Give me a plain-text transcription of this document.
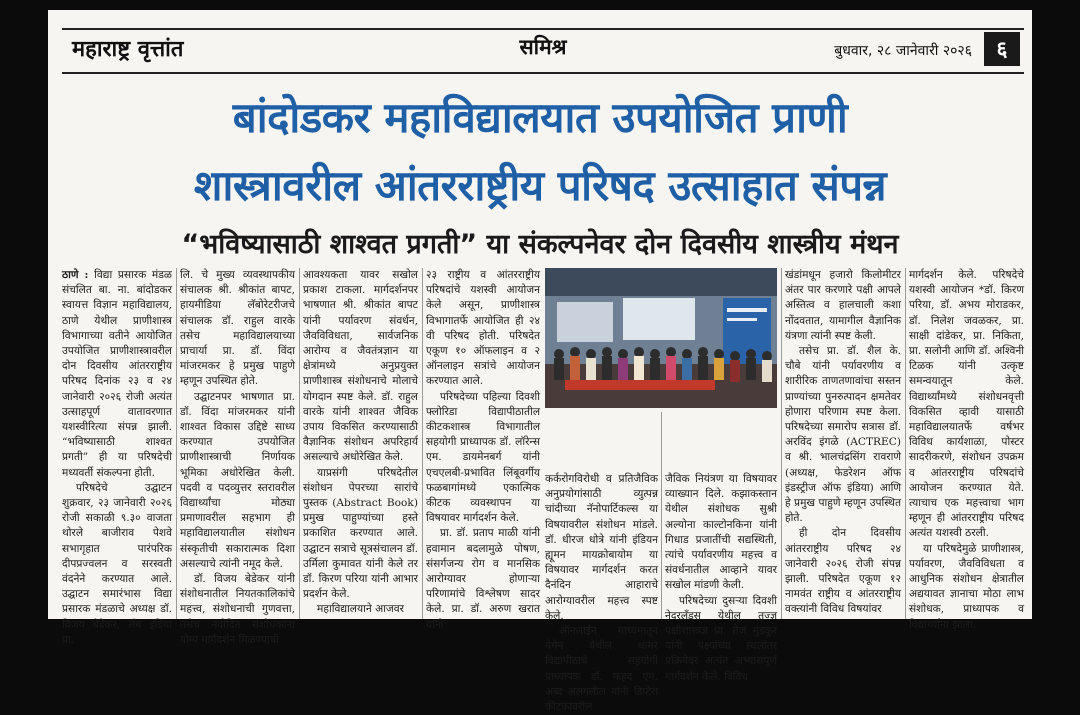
महाराष्ट्र वृत्तांत	समिश्र	बुधवार, २८ जानेवारी २०२६	६
बांदोडकर महाविद्यालयात उपयोजित प्राणी
शास्त्रावरील आंतरराष्ट्रीय परिषद उत्साहात संपन्न
“भविष्यासाठी शाश्वत प्रगती” या संकल्पनेवर दोन दिवसीय शास्त्रीय मंथन

ठाणे : विद्या प्रसारक मंडळ संचलित बा. ना. बांदोडकर स्वायत्त विज्ञान महाविद्यालय, ठाणे येथील प्राणीशास्त्र विभागाच्या वतीने आयोजित उपयोजित प्राणीशास्त्रावरील दोन दिवसीय आंतरराष्ट्रीय परिषद दिनांक २३ व २४ जानेवारी २०२६ रोजी अत्यंत उत्साहपूर्ण वातावरणात यशस्वीरित्या संपन्न झाली. “भविष्यासाठी शाश्वत प्रगती” ही या परिषदेची मध्यवर्ती संकल्पना होती.

परिषदेचे उद्घाटन शुक्रवार, २३ जानेवारी २०२६ रोजी सकाळी ९.३० वाजता थोरले बाजीराव पेशवे सभागृहात पारंपरिक दीपप्रज्वलन व सरस्वती वंदनेने करण्यात आले. उद्घाटन समारंभास विद्या प्रसारक मंडळाचे अध्यक्ष डॉ. विजय बेडेकर, लँब इंडिया प्रा.

लि. चे मुख्य व्यवस्थापकीय संचालक श्री. श्रीकांत बापट, हायमीडिया लॅबोरेटरीजचे संचालक डॉ. राहुल वारके तसेच महाविद्यालयाच्या प्राचार्या प्रा. डॉ. विंदा मांजरमकर हे प्रमुख पाहुणे म्हणून उपस्थित होते.

उद्घाटनपर भाषणात प्रा. डॉ. विंदा मांजरमकर यांनी शाश्वत विकास उद्दिष्टे साध्य करण्यात उपयोजित प्राणीशास्त्राची निर्णायक भूमिका अधोरेखित केली. पदवी व पदव्युत्तर स्तरावरील विद्यार्थ्यांचा मोठ्या प्रमाणावरील सहभाग ही महाविद्यालयातील संशोधन संस्कृतीची सकारात्मक दिशा असल्याचे त्यांनी नमूद केले.

डॉ. विजय बेडेकर यांनी संशोधनातील नियतकालिकांचे महत्त्व, संशोधनाची गुणवत्ता, तसेच नवोदित संशोधकांना योग्य मार्गदर्शन मिळण्याची

आवश्यकता यावर सखोल प्रकाश टाकला. मार्गदर्शनपर भाषणात श्री. श्रीकांत बापट यांनी पर्यावरण संवर्धन, जैवविविधता, सार्वजनिक आरोग्य व जैवतंत्रज्ञान या क्षेत्रांमध्ये अनुप्रयुक्त प्राणीशास्त्र संशोधनाचे मोलाचे योगदान स्पष्ट केले. डॉ. राहुल वारके यांनी शाश्वत जैविक उपाय विकसित करण्यासाठी वैज्ञानिक संशोधन अपरिहार्य असल्याचे अधोरेखित केले.

याप्रसंगी परिषदेतील संशोधन पेपरच्या सारांचे पुस्तक (Abstract Book) प्रमुख पाहुण्यांच्या हस्ते प्रकाशित करण्यात आले. उद्घाटन सत्राचे सूत्रसंचालन डॉ. उर्मिला कुमावत यांनी केले तर डॉ. किरण परिया यांनी आभार प्रदर्शन केले.

महाविद्यालयाने आजवर

२३ राष्ट्रीय व आंतरराष्ट्रीय परिषदांचे यशस्वी आयोजन केले असून, प्राणीशास्त्र विभागातर्फे आयोजित ही २४ वी परिषद होती. परिषदेत एकूण १० ऑफलाइन व २ ऑनलाइन सत्रांचे आयोजन करण्यात आले.

परिषदेच्या पहिल्या दिवशी फ्लोरिडा विद्यापीठातील कीटकशास्त्र विभागातील सहयोगी प्राध्यापक डॉ. लॉरेन्स एम. डायमेनबर्ग यांनी एचएलबी-प्रभावित लिंबूवर्गीय फळबागांमध्ये एकात्मिक कीटक व्यवस्थापन या विषयावर मार्गदर्शन केले.

प्रा. डॉ. प्रताप माळी यांनी हवामान बदलामुळे पोषण, संसर्गजन्य रोग व मानसिक आरोग्यावर होणाऱ्या परिणामांचे विश्लेषण सादर केले. प्रा. डॉ. अरुण खरात यांनी

कर्करोगविरोधी व प्रतिजैविक अनुप्रयोगांसाठी व्युत्पन्न चांदीच्या नॅनोपार्टिकल्स या विषयावरील संशोधन मांडले. डॉ. धीरज धोत्रे यांनी इंडियन ह्यूमन मायक्रोबायोम या विषयावर मार्गदर्शन करत दैनंदिन आहाराचे आरोग्यावरील महत्त्व स्पष्ट केले.

ऑनलाईन माध्यमातून येमेन येथील थामर विद्यापीठाचे सहयोगी प्राध्यापक डॉ. फहद एम. अब्द अलगलील यांनी डिप्टेरा कीटकांवरील

जैविक नियंत्रण या विषयावर व्याख्यान दिले. कझाकस्तान येथील संशोधक सुश्री अल्योना काल्टोनकिना यांनी गिधाड प्रजातींची सद्यस्थिती, त्यांचे पर्यावरणीय महत्त्व व संवर्धनातील आव्हाने यावर सखोल मांडणी केली.

परिषदेच्या दुसऱ्या दिवशी नेदरलँड्स येथील तज्ज्ञ पक्षीशास्त्रज्ञ प्रा. तेज मुंडकुर यांनी पक्ष्यांच्या स्थलांतर प्रक्रियेवर अत्यंत अभ्यासपूर्ण मार्गदर्शन केले. विविध

खंडांमधून हजारो किलोमीटर अंतर पार करणारे पक्षी आपले अस्तित्व व हालचाली कशा नोंदवतात, यामागील वैज्ञानिक यंत्रणा त्यांनी स्पष्ट केली.

तसेच प्रा. डॉ. शैल के. चौबे यांनी पर्यावरणीय व शारीरिक ताणतणावांचा सस्तन प्राण्यांच्या पुनरुत्पादन क्षमतेवर होणारा परिणाम स्पष्ट केला. परिषदेच्या समारोप सत्रास डॉ. अरविंद इंगळे (ACTREC) व श्री. भालचंद्रसिंग रावराणे (अध्यक्ष, फेडरेशन ऑफ इंडस्ट्रीज ऑफ इंडिया) आणि हे प्रमुख पाहुणे म्हणून उपस्थित होते.

ही दोन दिवसीय आंतरराष्ट्रीय परिषद २४ जानेवारी २०२६ रोजी संपन्न झाली. परिषदेत एकूण १२ नामवंत राष्ट्रीय व आंतरराष्ट्रीय वक्त्यांनी विविध विषयांवर

मार्गदर्शन केले. परिषदेचे यशस्वी आयोजन *डॉ. किरण परिया, डॉ. अभय मोराडकर, डॉ. निलेश जवळकर, प्रा. साक्षी दांडेकर, प्रा. निकिता, प्रा. सलोनी आणि डॉ. अश्विनी टिळक यांनी उत्कृष्ट समन्वयातून केले. विद्यार्थ्यांमध्ये संशोधनवृत्ती विकसित व्हावी यासाठी महाविद्यालयातर्फे वर्षभर विविध कार्यशाळा, पोस्टर सादरीकरणे, संशोधन उपक्रम व आंतरराष्ट्रीय परिषदांचे आयोजन करण्यात येते. त्याचाच एक महत्त्वाचा भाग म्हणून ही आंतरराष्ट्रीय परिषद अत्यंत यशस्वी ठरली.

या परिषदेमुळे प्राणीशास्त्र, पर्यावरण, जैवविविधता व आधुनिक संशोधन क्षेत्रातील अद्ययावत ज्ञानाचा मोठा लाभ संशोधक, प्राध्यापक व विद्यार्थ्यांना झाला.
